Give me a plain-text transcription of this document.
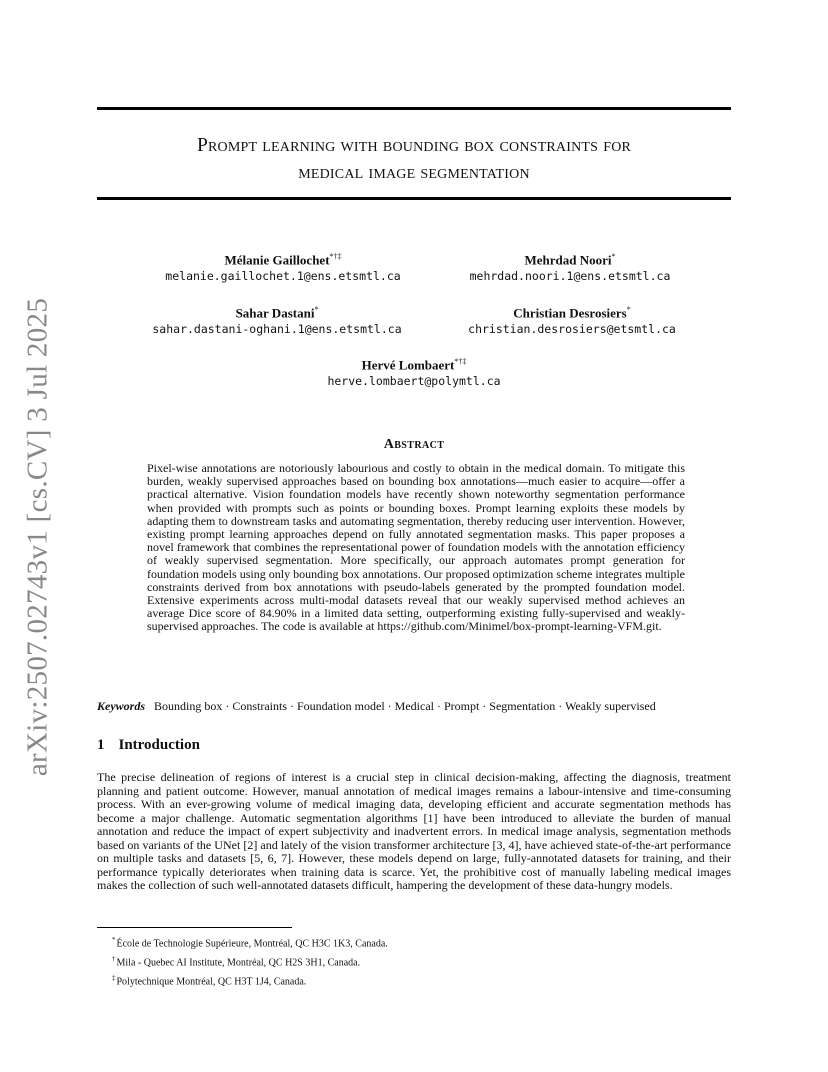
arXiv:2507.02743v1 [cs.CV] 3 Jul 2025
Prompt learning with bounding box constraints for
medical image segmentation
Mélanie Gaillochet*†‡
melanie.gaillochet.1@ens.etsmtl.ca
Mehrdad Noori*
mehrdad.noori.1@ens.etsmtl.ca
Sahar Dastani*
sahar.dastani-oghani.1@ens.etsmtl.ca
Christian Desrosiers*
christian.desrosiers@etsmtl.ca
Hervé Lombaert*†‡
herve.lombaert@polymtl.ca
Abstract
Pixel-wise annotations are notoriously labourious and costly to obtain in the medical domain. To mitigate this burden, weakly supervised approaches based on bounding box annotations—much easier to acquire—offer a practical alternative. Vision foundation models have recently shown noteworthy segmentation performance when provided with prompts such as points or bounding boxes. Prompt learning exploits these models by adapting them to downstream tasks and automating segmentation, thereby reducing user intervention. However, existing prompt learning approaches depend on fully annotated segmentation masks. This paper proposes a novel framework that combines the representational power of foundation models with the annotation efficiency of weakly supervised segmentation. More specifically, our approach automates prompt generation for foundation models using only bounding box annotations. Our proposed optimization scheme integrates multiple constraints derived from box annotations with pseudo-labels generated by the prompted foundation model. Extensive experiments across multi-modal datasets reveal that our weakly supervised method achieves an average Dice score of 84.90% in a limited data setting, outperforming existing fully-supervised and weakly-supervised approaches. The code is available at https://github.com/Minimel/box-prompt-learning-VFM.git.
Keywords Bounding box · Constraints · Foundation model · Medical · Prompt · Segmentation · Weakly supervised
1 Introduction
The precise delineation of regions of interest is a crucial step in clinical decision-making, affecting the diagnosis, treatment planning and patient outcome. However, manual annotation of medical images remains a labour-intensive and time-consuming process. With an ever-growing volume of medical imaging data, developing efficient and accurate segmentation methods has become a major challenge. Automatic segmentation algorithms [1] have been introduced to alleviate the burden of manual annotation and reduce the impact of expert subjectivity and inadvertent errors. In medical image analysis, segmentation methods based on variants of the UNet [2] and lately of the vision transformer architecture [3, 4], have achieved state-of-the-art performance on multiple tasks and datasets [5, 6, 7]. However, these models depend on large, fully-annotated datasets for training, and their performance typically deteriorates when training data is scarce. Yet, the prohibitive cost of manually labeling medical images makes the collection of such well-annotated datasets difficult, hampering the development of these data-hungry models.
*École de Technologie Supérieure, Montréal, QC H3C 1K3, Canada.
†Mila - Quebec AI Institute, Montréal, QC H2S 3H1, Canada.
‡Polytechnique Montréal, QC H3T 1J4, Canada.
